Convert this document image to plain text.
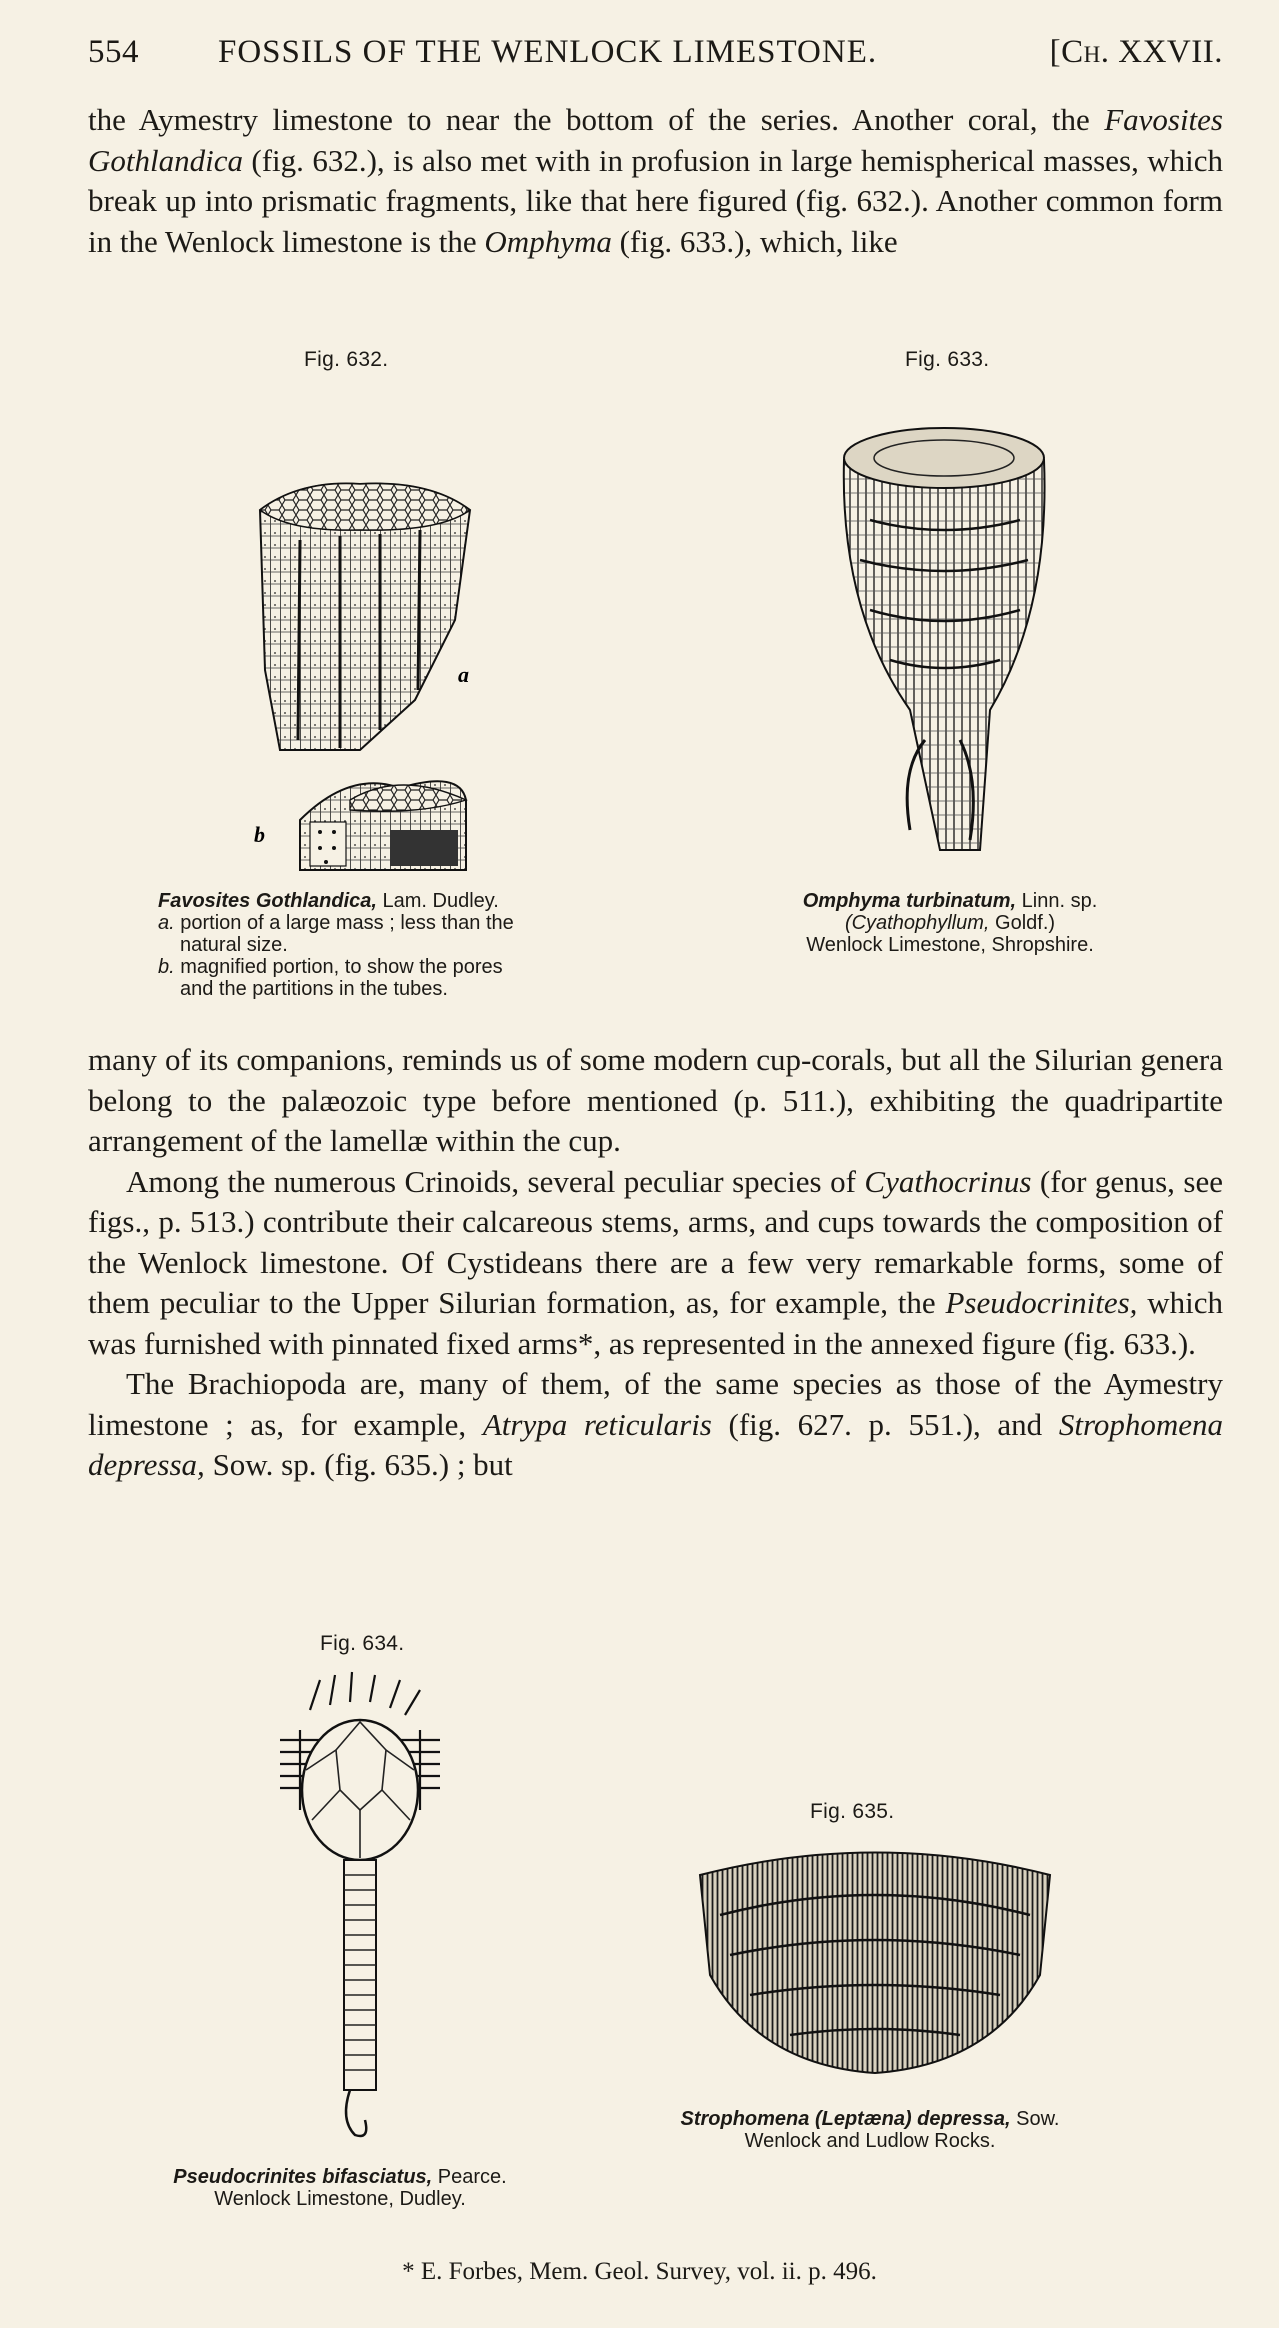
554 FOSSILS OF THE WENLOCK LIMESTONE.	[Ch. XXVII.

the Aymestry limestone to near the bottom of the series. Another coral, the Favosites Gothlandica (fig. 632.), is also met with in profusion in large hemispherical masses, which break up into prismatic fragments, like that here figured (fig. 632.). Another common form in the Wenlock limestone is the Omphyma (fig. 633.), which, like

Fig. 632.
a
b
Favosites Gothlandica, Lam. Dudley.
a. portion of a large mass ; less than the
natural size.
b. magnified portion, to show the pores
and the partitions in the tubes.
Fig. 633.
Omphyma turbinatum, Linn. sp.
(Cyathophyllum, Goldf.)
Wenlock Limestone, Shropshire.

many of its companions, reminds us of some modern cup-corals, but all the Silurian genera belong to the palæozoic type before mentioned (p. 511.), exhibiting the quadripartite arrangement of the lamellæ within the cup.

Among the numerous Crinoids, several peculiar species of Cyathocrinus (for genus, see figs., p. 513.) contribute their calcareous stems, arms, and cups towards the composition of the Wenlock limestone. Of Cystideans there are a few very remarkable forms, some of them peculiar to the Upper Silurian formation, as, for example, the Pseudocrinites, which was furnished with pinnated fixed arms*, as represented in the annexed figure (fig. 633.).

The Brachiopoda are, many of them, of the same species as those of the Aymestry limestone ; as, for example, Atrypa reticularis (fig. 627. p. 551.), and Strophomena depressa, Sow. sp. (fig. 635.) ; but

Fig. 634.
Pseudocrinites bifasciatus, Pearce.
Wenlock Limestone, Dudley.
Fig. 635.
Strophomena (Leptæna) depressa, Sow.
Wenlock and Ludlow Rocks.
* E. Forbes, Mem. Geol. Survey, vol. ii. p. 496.
